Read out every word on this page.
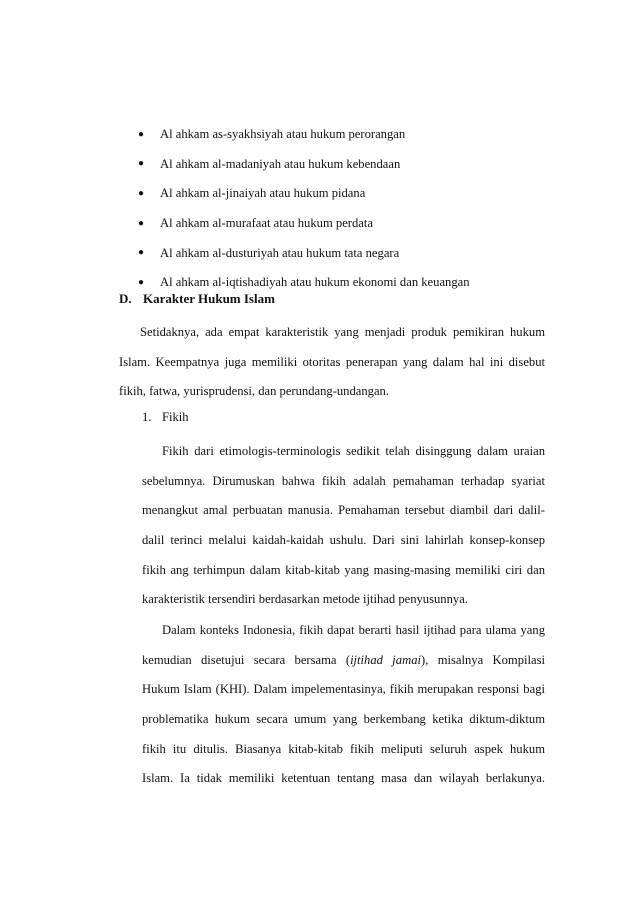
●	Al ahkam as-syakhsiyah atau hukum perorangan
●	Al ahkam al-madaniyah atau hukum kebendaan
●	Al ahkam al-jinaiyah atau hukum pidana
●	Al ahkam al-murafaat atau hukum perdata
●	Al ahkam al-dusturiyah atau hukum tata negara
●	Al ahkam al-iqtishadiyah atau hukum ekonomi dan keuangan
D. Karakter Hukum Islam
Setidaknya, ada empat karakteristik yang menjadi produk pemikiran hukum
Islam. Keempatnya juga memiliki otoritas penerapan yang dalam hal ini disebut
fikih, fatwa, yurisprudensi, dan perundang-undangan.
1. Fikih
Fikih dari etimologis-terminologis sedikit telah disinggung dalam uraian
sebelumnya. Dirumuskan bahwa fikih adalah pemahaman terhadap syariat
menangkut amal perbuatan manusia. Pemahaman tersebut diambil dari dalil-
dalil terinci melalui kaidah-kaidah ushulu. Dari sini lahirlah konsep-konsep
fikih ang terhimpun dalam kitab-kitab yang masing-masing memiliki ciri dan
karakteristik tersendiri berdasarkan metode ijtihad penyusunnya.
Dalam konteks Indonesia, fikih dapat berarti hasil ijtihad para ulama yang
kemudian disetujui secara bersama (ijtihad jamai), misalnya Kompilasi
Hukum Islam (KHI). Dalam impelementasinya, fikih merupakan responsi bagi
problematika hukum secara umum yang berkembang ketika diktum-diktum
fikih itu ditulis. Biasanya kitab-kitab fikih meliputi seluruh aspek hukum
Islam. Ia tidak memiliki ketentuan tentang masa dan wilayah berlakunya.
